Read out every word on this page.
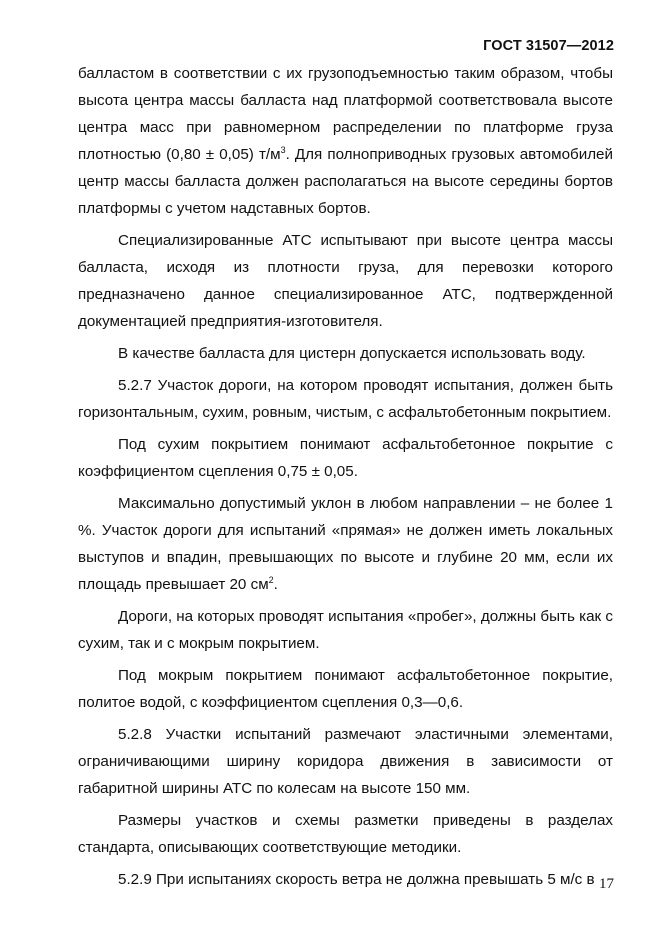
ГОСТ 31507—2012

балластом в соответствии с их грузоподъемностью таким образом, чтобы высота центра массы балласта над платформой соответствовала высоте центра масс при равномерном распределении по платформе груза плотностью (0,80 ± 0,05) $т/м^3$. Для полноприводных грузовых автомобилей центр массы балласта должен располагаться на высоте середины бортов платформы с учетом надставных бортов.

Специализированные АТС испытывают при высоте центра массы балласта, исходя из плотности груза, для перевозки которого предназначено данное специализированное АТС, подтвержденной документацией предприятия-изготовителя.

В качестве балласта для цистерн допускается использовать воду.

5.2.7 Участок дороги, на котором проводят испытания, должен быть горизонтальным, сухим, ровным, чистым, с асфальтобетонным покрытием.

Под сухим покрытием понимают асфальтобетонное покрытие с коэффициентом сцепления 0,75 ± 0,05.

Максимально допустимый уклон в любом направлении – не более 1 %. Участок дороги для испытаний «прямая» не должен иметь локальных выступов и впадин, превышающих по высоте и глубине 20 мм, если их площадь превышает 20 $см^2$.

Дороги, на которых проводят испытания «пробег», должны быть как с сухим, так и с мокрым покрытием.

Под мокрым покрытием понимают асфальтобетонное покрытие, политое водой, с коэффициентом сцепления 0,3—0,6.

5.2.8 Участки испытаний размечают эластичными элементами, ограничивающими ширину коридора движения в зависимости от габаритной ширины АТС по колесам на высоте 150 мм.

Размеры участков и схемы разметки приведены в разделах стандарта, описывающих соответствующие методики.

5.2.9 При испытаниях скорость ветра не должна превышать 5 м/с в 17
